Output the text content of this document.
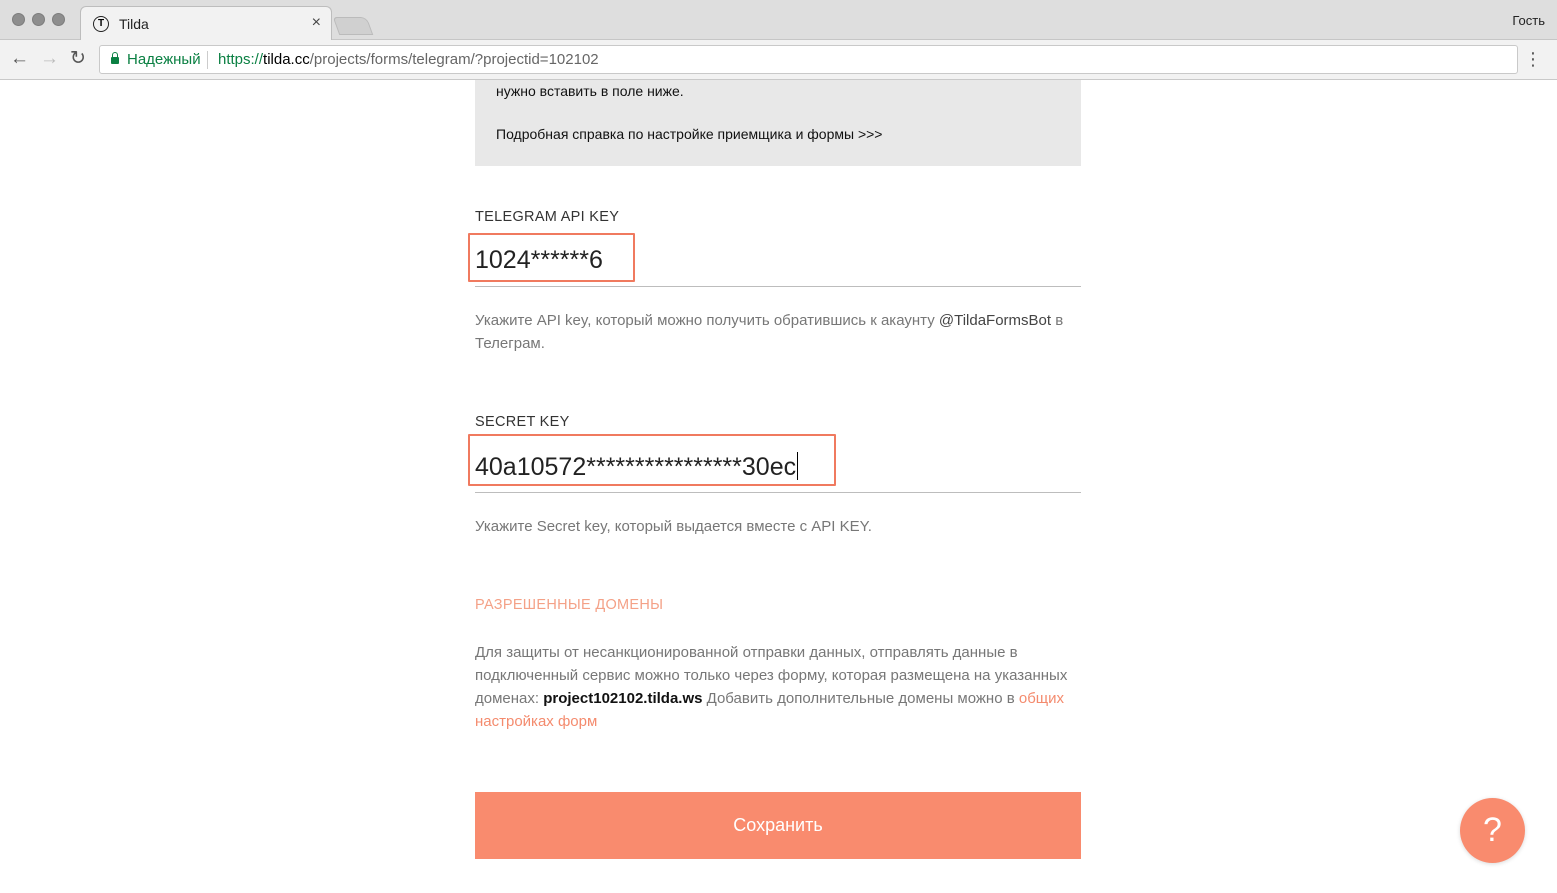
T	Tilda	×	Гость
← → ↻	Надежный https://tilda.cc/projects/forms/telegram/?projectid=102102	⋮
нужно вставить в поле ниже.
Подробная справка по настройке приемщика и формы >>>
TELEGRAM API KEY
1024******6
Укажите API key, который можно получить обратившись к акаунту @TildaFormsBot в Телеграм.
SECRET KEY
40a10572****************30ec
Укажите Secret key, который выдается вместе с API KEY.
РАЗРЕШЕННЫЕ ДОМЕНЫ
Для защиты от несанкционированной отправки данных, отправлять данные в подключенный сервис можно только через форму, которая размещена на указанных доменах: project102102.tilda.ws Добавить дополнительные домены можно в общих настройках форм
Сохранить	?
